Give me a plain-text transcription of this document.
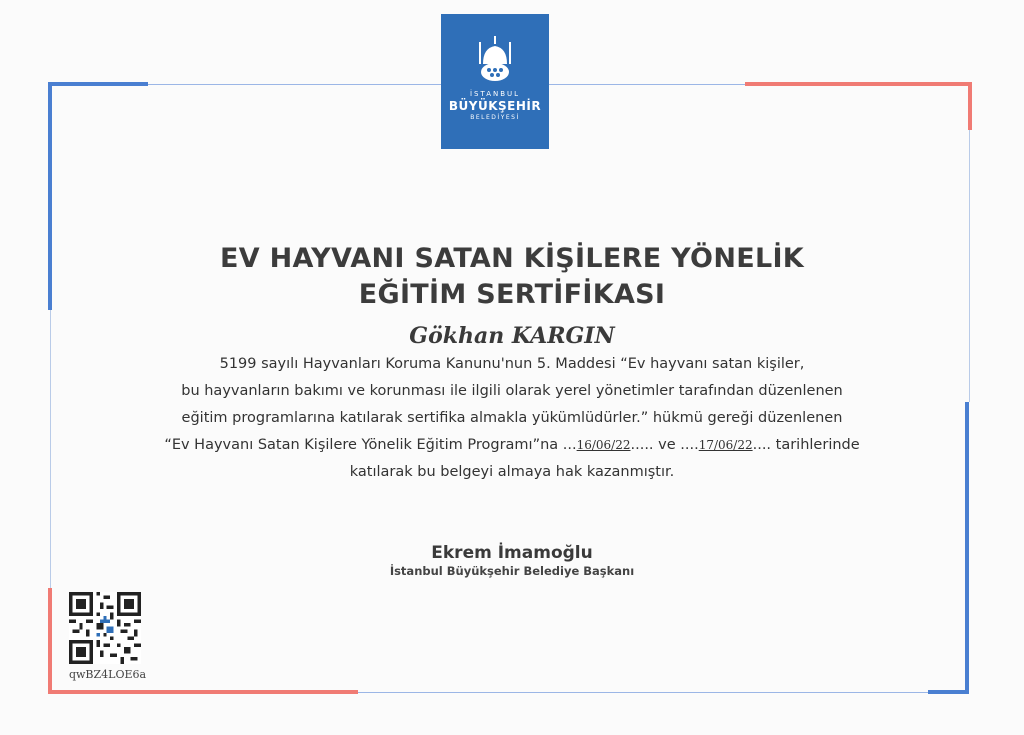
İSTANBUL
BÜYÜKŞEHİR
BELEDİYESİ
EV HAYVANI SATAN KİŞİLERE YÖNELİK
EĞİTİM SERTİFİKASI
Gökhan KARGIN
5199 sayılı Hayvanları Koruma Kanunu'nun 5. Maddesi “Ev hayvanı satan kişiler,
bu hayvanların bakımı ve korunması ile ilgili olarak yerel yönetimler tarafından düzenlenen
eğitim programlarına katılarak sertifika almakla yükümlüdürler.” hükmü gereği düzenlenen
“Ev Hayvanı Satan Kişilere Yönelik Eğitim Programı”na ...16/06/22..... ve ....17/06/22.... tarihlerinde
katılarak bu belgeyi almaya hak kazanmıştır.
Ekrem İmamoğlu
İstanbul Büyükşehir Belediye Başkanı
qwBZ4LOE6a
